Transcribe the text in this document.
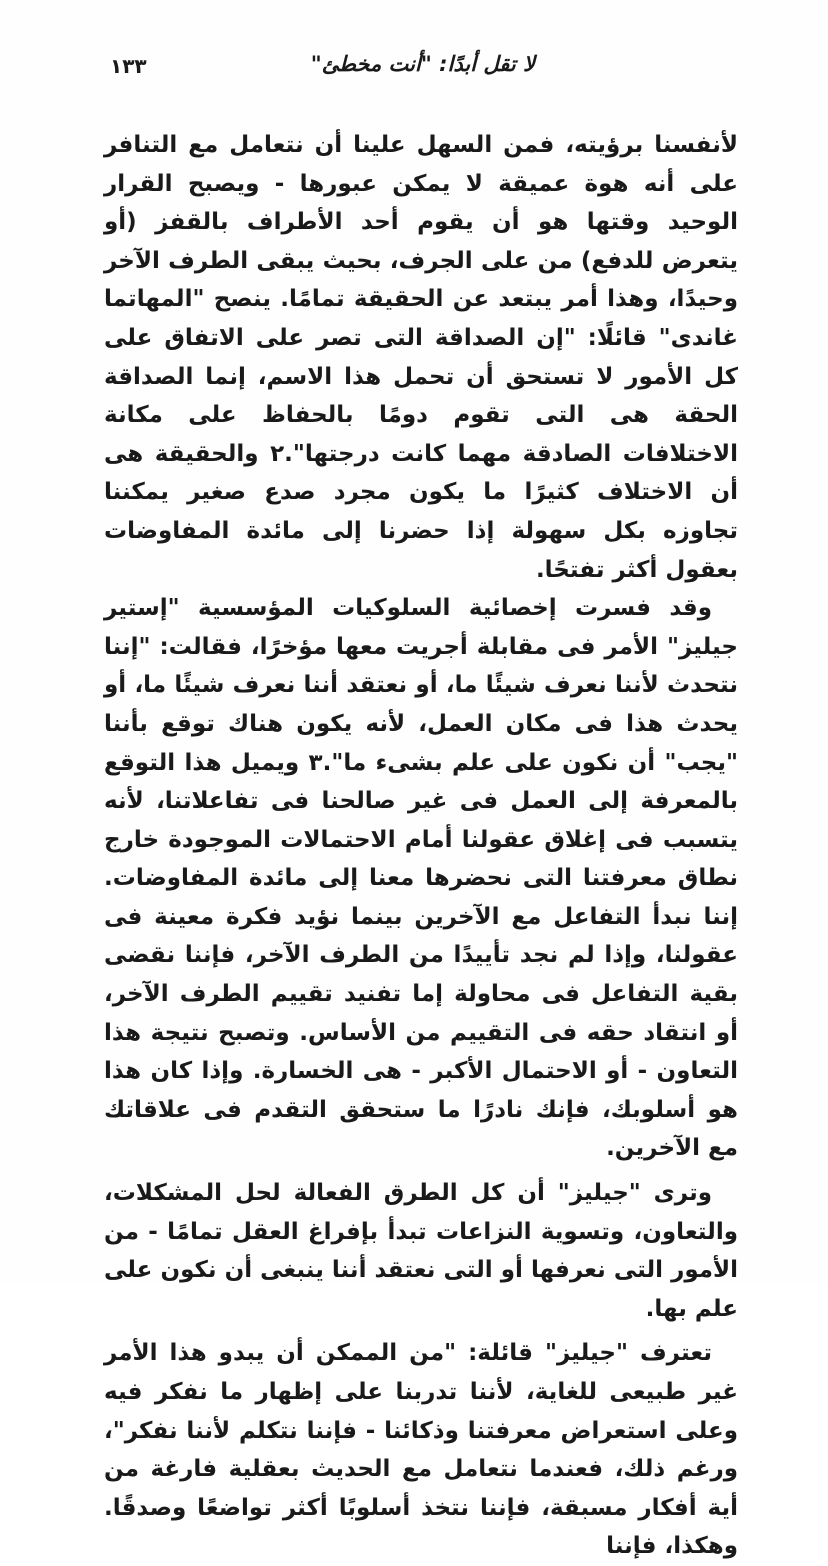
لا تقل أبدًا: "أنت مخطئ"
١٣٣

لأنفسنا برؤيته، فمن السهل علينا أن نتعامل مع التنافر على أنه هوة عميقة لا يمكن عبورها - ويصبح القرار الوحيد وقتها هو أن يقوم أحد الأطراف بالقفز (أو يتعرض للدفع) من على الجرف، بحيث يبقى الطرف الآخر وحيدًا، وهذا أمر يبتعد عن الحقيقة تمامًا. ينصح "المهاتما غاندى" قائلًا: "إن الصداقة التى تصر على الاتفاق على كل الأمور لا تستحق أن تحمل هذا الاسم، إنما الصداقة الحقة هى التى تقوم دومًا بالحفاظ على مكانة الاختلافات الصادقة مهما كانت درجتها".٢ والحقيقة هى أن الاختلاف كثيرًا ما يكون مجرد صدع صغير يمكننا تجاوزه بكل سهولة إذا حضرنا إلى مائدة المفاوضات بعقول أكثر تفتحًا.

وقد فسرت إخصائية السلوكيات المؤسسية "إستير جيليز" الأمر فى مقابلة أجريت معها مؤخرًا، فقالت: "إننا نتحدث لأننا نعرف شيئًا ما، أو نعتقد أننا نعرف شيئًا ما، أو يحدث هذا فى مكان العمل، لأنه يكون هناك توقع بأننا "يجب" أن نكون على علم بشىء ما".٣ ويميل هذا التوقع بالمعرفة إلى العمل فى غير صالحنا فى تفاعلاتنا، لأنه يتسبب فى إغلاق عقولنا أمام الاحتمالات الموجودة خارج نطاق معرفتنا التى نحضرها معنا إلى مائدة المفاوضات. إننا نبدأ التفاعل مع الآخرين بينما نؤيد فكرة معينة فى عقولنا، وإذا لم نجد تأييدًا من الطرف الآخر، فإننا نقضى بقية التفاعل فى محاولة إما تفنيد تقييم الطرف الآخر، أو انتقاد حقه فى التقييم من الأساس. وتصبح نتيجة هذا التعاون - أو الاحتمال الأكبر - هى الخسارة. وإذا كان هذا هو أسلوبك، فإنك نادرًا ما ستحقق التقدم فى علاقاتك مع الآخرين.

وترى "جيليز" أن كل الطرق الفعالة لحل المشكلات، والتعاون، وتسوية النزاعات تبدأ بإفراغ العقل تمامًا - من الأمور التى نعرفها أو التى نعتقد أننا ينبغى أن نكون على علم بها.

تعترف "جيليز" قائلة: "من الممكن أن يبدو هذا الأمر غير طبيعى للغاية، لأننا تدربنا على إظهار ما نفكر فيه وعلى استعراض معرفتنا وذكائنا - فإننا نتكلم لأننا نفكر"، ورغم ذلك، فعندما نتعامل مع الحديث بعقلية فارغة من أية أفكار مسبقة، فإننا نتخذ أسلوبًا أكثر تواضعًا وصدقًا. وهكذا، فإننا
